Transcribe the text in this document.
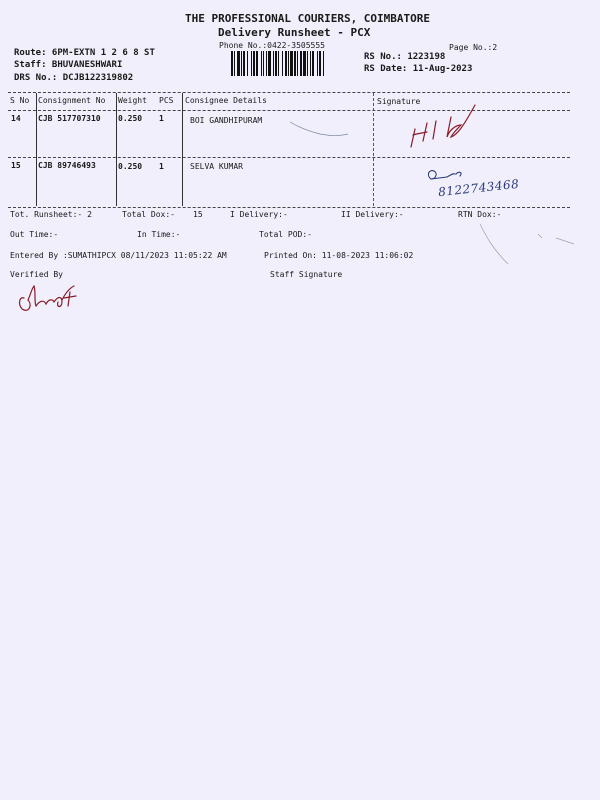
THE PROFESSIONAL COURIERS, COIMBATORE
Delivery Runsheet - PCX
Phone No.:0422-3505555	Page No.:2
Route: 6PM-EXTN 1 2 6 8 ST
Staff: BHUVANESHWARI
DRS No.: DCJB122319802
RS No.: 1223198
RS Date: 11-Aug-2023
S No Consignment No Weight PCS Consignee Details	Signature
14 CJB 517707310 0.250 1	BOI GANDHIPURAM
15 CJB 89746493	0.250 1	SELVA KUMAR
8122743468
Tot. Runsheet:- 2	Total Dox:- 15	I Delivery:-	II Delivery:-	RTN Dox:-
Out Time:-	In Time:-	Total POD:-
Entered By :SUMATHIPCX 08/11/2023 11:05:22 AM	Printed On: 11-08-2023 11:06:02
Verified By	Staff Signature
